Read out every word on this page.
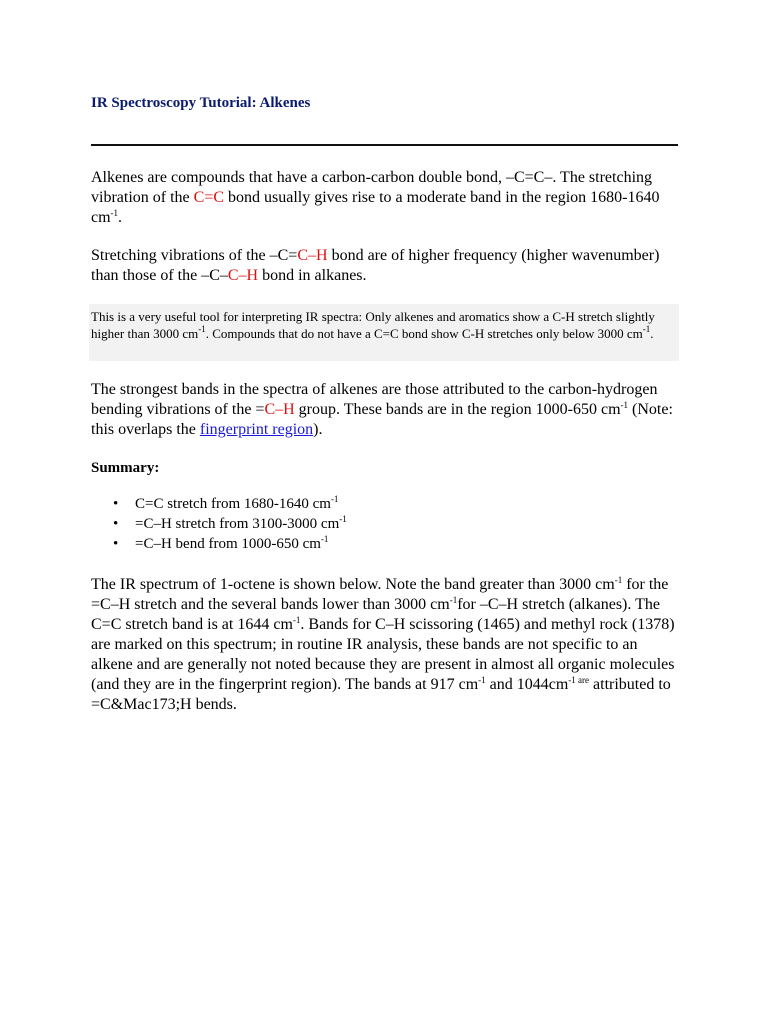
IR Spectroscopy Tutorial: Alkenes

Alkenes are compounds that have a carbon-carbon double bond, –C=C–. The stretching vibration of the C=C bond usually gives rise to a moderate band in the region 1680-1640 $cm^{-1}$.

Stretching vibrations of the –C=C–H bond are of higher frequency (higher wavenumber) than those of the –C–C–H bond in alkanes.

This is a very useful tool for interpreting IR spectra: Only alkenes and aromatics show a C-H stretch slightly higher than 3000 $cm^{-1}$. Compounds that do not have a C=C bond show C-H stretches only below 3000 $cm^{-1}$.

The strongest bands in the spectra of alkenes are those attributed to the carbon-hydrogen bending vibrations of the =C–H group. These bands are in the region 1000-650 $cm^{-1}$ (Note: this overlaps the fingerprint region).

Summary:
• C=C stretch from 1680-1640 $cm^{-1}$
• =C–H stretch from 3100-3000 $cm^{-1}$
• =C–H bend from 1000-650 $cm^{-1}$

The IR spectrum of 1-octene is shown below. Note the band greater than 3000 $cm^{-1}$ for the =C–H stretch and the several bands lower than 3000 $cm^{-1}for$ –C–H stretch (alkanes). The C=C stretch band is at 1644 $cm^{-1}$. Bands for C–H scissoring (1465) and methyl rock (1378) are marked on this spectrum; in routine IR analysis, these bands are not specific to an alkene and are generally not noted because they are present in almost all organic molecules (and they are in the fingerprint region). The bands at 917 $cm^{-1}$ and $1044cm^{-1 are}$ attributed to =C&Mac173;H bends.
